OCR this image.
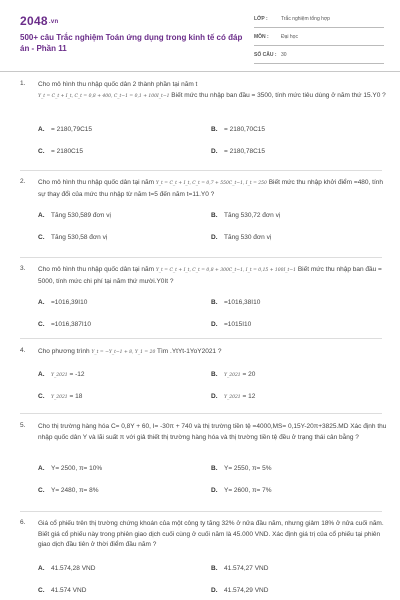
2048.vn
500+ câu Trắc nghiệm Toán ứng dụng trong kinh tế có đáp án - Phần 11
LỚP :	Trắc nghiệm tổng hợp
MÔN : Đại học
SỐ CÂU : 30
1. Cho mô hình thu nhập quốc dân 2 thành phần tại năm t
Y_t = C_t + I_t, C_t = 0,8 + 400, C_t−1 = 0,1 + 100I_t−1 Biết mức thu nhập ban đầu = 3500, tính mức tiêu dùng ở năm thứ 15.Y0 ?
A. = 2180,79C15	B. = 2180,70C15
C. = 2180C15	D. = 2180,78C15
2. Cho mô hình thu nhập quốc dân tại năm Y_t = C_t + I_t, C_t = 0,7 + 550C_t−1, I_t = 250 Biết mức thu nhập khởi điểm =480, tính sự thay đổi của mức thu nhập từ năm t=5 đến năm t=11.Y0 ?
A. Tăng 530,589 đơn vị	B. Tăng 530,72 đơn vị
C. Tăng 530,58 đơn vị	D. Tăng 530 đơn vị
3. Cho mô hình thu nhập quốc dân tại năm Y_t = C_t + I_t, C_t = 0,8 + 300C_t−1, I_t = 0,15 + 100I_t−1 Biết mức thu nhập ban đầu = 5000, tính mức chi phí tại năm thứ mười.Y0It ?
A. =1016,39I10	B. =1016,38I10
C. =1016,387I10	D. =1015I10
4. Cho phương trình Y_t = −Y_t−1 + 8, Y_1 = 20 Tìm .YtYt-1YoY2021 ?
A. Y_2021 = -12	B. Y_2021 = 20
C. Y_2021 = 18	D. Y_2021 = 12
5. Cho thị trường hàng hóa C= 0,8Y + 60, I= -30π + 740 và thị trường tiền tệ =4000,MS= 0,15Y-20π+3825.MD Xác định thu nhập quốc dân Y và lãi suất π với giả thiết thị trường hàng hóa và thị trường tiền tệ đều ở trạng thái cân bằng ?
A. Y= 2500, π= 10%	B. Y= 2550, π= 5%
C. Y= 2480, π= 8%	D. Y= 2600, π= 7%
6. Giá cổ phiếu trên thị trường chứng khoán của một công ty tăng 32% ở nửa đầu năm, nhưng giảm 18% ở nửa cuối năm. Biết giá cổ phiếu này trong phiên giao dịch cuối cùng ở cuối năm là 45.000 VND. Xác định giá trị của cổ phiếu tại phiên giao dịch đầu tiên ở thời điểm đầu năm ?
A. 41.574,28 VND	B. 41.574,27 VND
C. 41.574 VND	D. 41.574,29 VND
